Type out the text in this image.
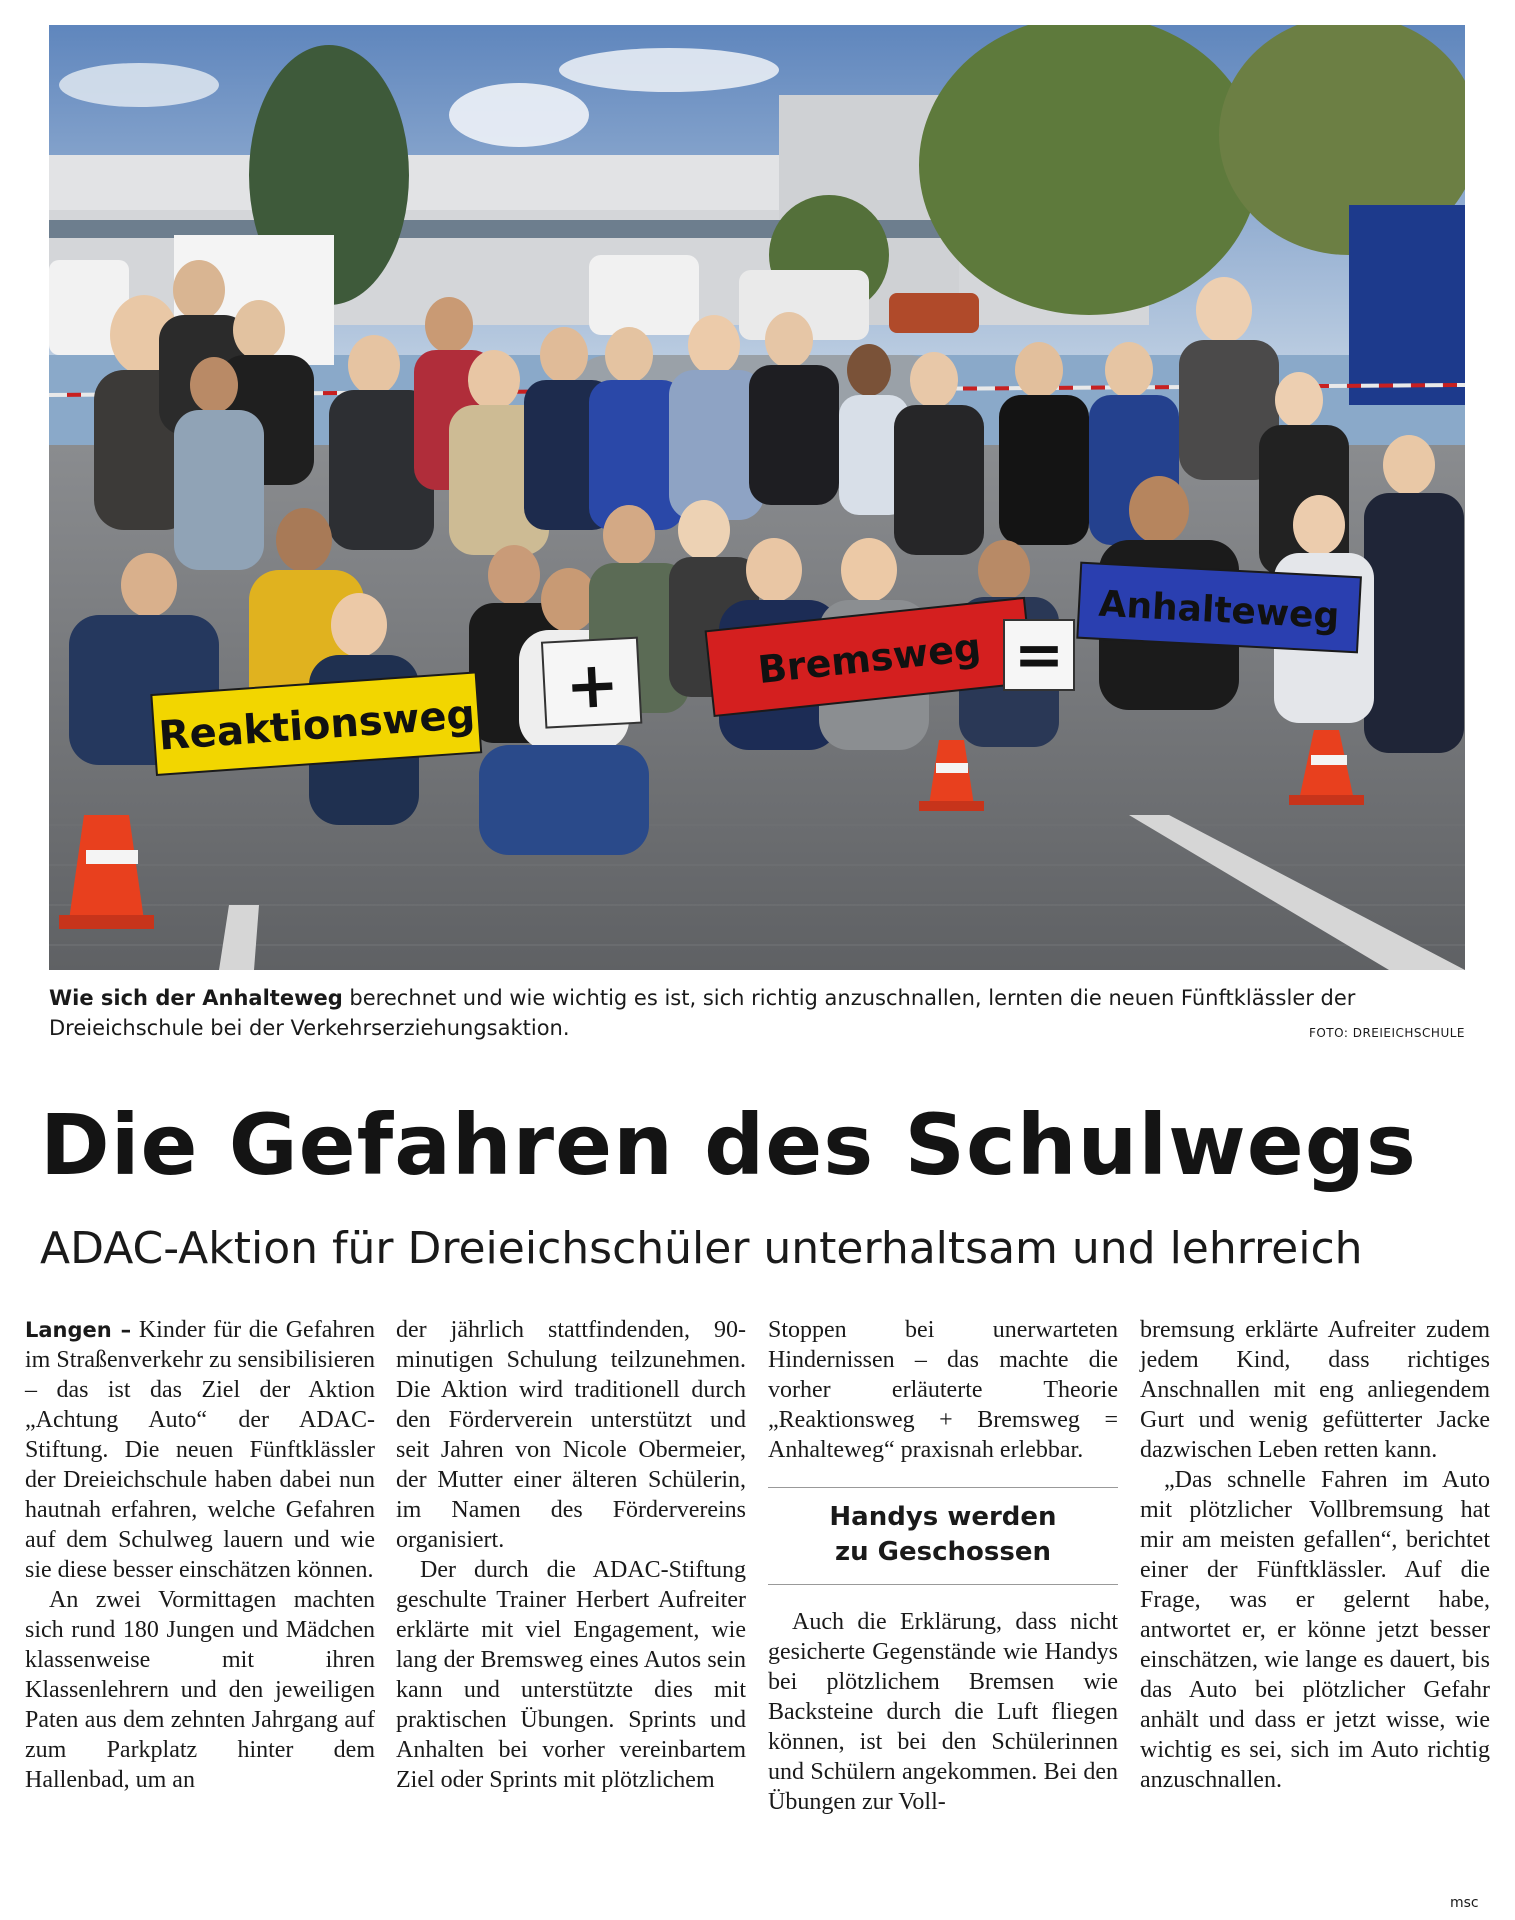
Reaktionsweg
+	Bremsweg =
Anhalteweg
Wie sich der Anhalteweg berechnet und wie wichtig es ist, sich richtig anzuschnallen, lernten die neuen Fünftklässler der Dreieichschule bei der Verkehrserziehungsaktion.	FOTO: DREIEICHSCHULE
Die Gefahren des Schulwegs
ADAC-Aktion für Dreieichschüler unterhaltsam und lehrreich

Langen – Kinder für die Gefahren im Straßenverkehr zu sensibilisieren – das ist das Ziel der Aktion „Achtung Auto“ der ADAC-Stiftung. Die neuen Fünftklässler der Dreieichschule haben dabei nun hautnah erfahren, welche Gefahren auf dem Schulweg lauern und wie sie diese besser einschätzen können.

An zwei Vormittagen machten sich rund 180 Jungen und Mädchen klassenweise mit ihren Klassenlehrern und den jeweiligen Paten aus dem zehnten Jahrgang auf zum Parkplatz hinter dem Hallenbad, um an

der jährlich stattfindenden, 90-minutigen Schulung teilzunehmen. Die Aktion wird traditionell durch den Förderverein unterstützt und seit Jahren von Nicole Obermeier, der Mutter einer älteren Schülerin, im Namen des Fördervereins organisiert.

Der durch die ADAC-Stiftung geschulte Trainer Herbert Aufreiter erklärte mit viel Engagement, wie lang der Bremsweg eines Autos sein kann und unterstützte dies mit praktischen Übungen. Sprints und Anhalten bei vorher vereinbartem Ziel oder Sprints mit plötzlichem

Stoppen bei unerwarteten Hindernissen – das machte die vorher erläuterte Theorie „Reaktionsweg + Bremsweg = Anhalteweg“ praxisnah erlebbar.

Handys werden
zu Geschossen

Auch die Erklärung, dass nicht gesicherte Gegenstände wie Handys bei plötzlichem Bremsen wie Backsteine durch die Luft fliegen können, ist bei den Schülerinnen und Schülern angekommen. Bei den Übungen zur Voll-

bremsung erklärte Aufreiter zudem jedem Kind, dass richtiges Anschnallen mit eng anliegendem Gurt und wenig gefütterter Jacke dazwischen Leben retten kann.

„Das schnelle Fahren im Auto mit plötzlicher Vollbremsung hat mir am meisten gefallen“, berichtet einer der Fünftklässler. Auf die Frage, was er gelernt habe, antwortet er, er könne jetzt besser einschätzen, wie lange es dauert, bis das Auto bei plötzlicher Gefahr anhält und dass er jetzt wisse, wie wichtig es sei, sich im Auto richtig anzuschnallen.

msc
